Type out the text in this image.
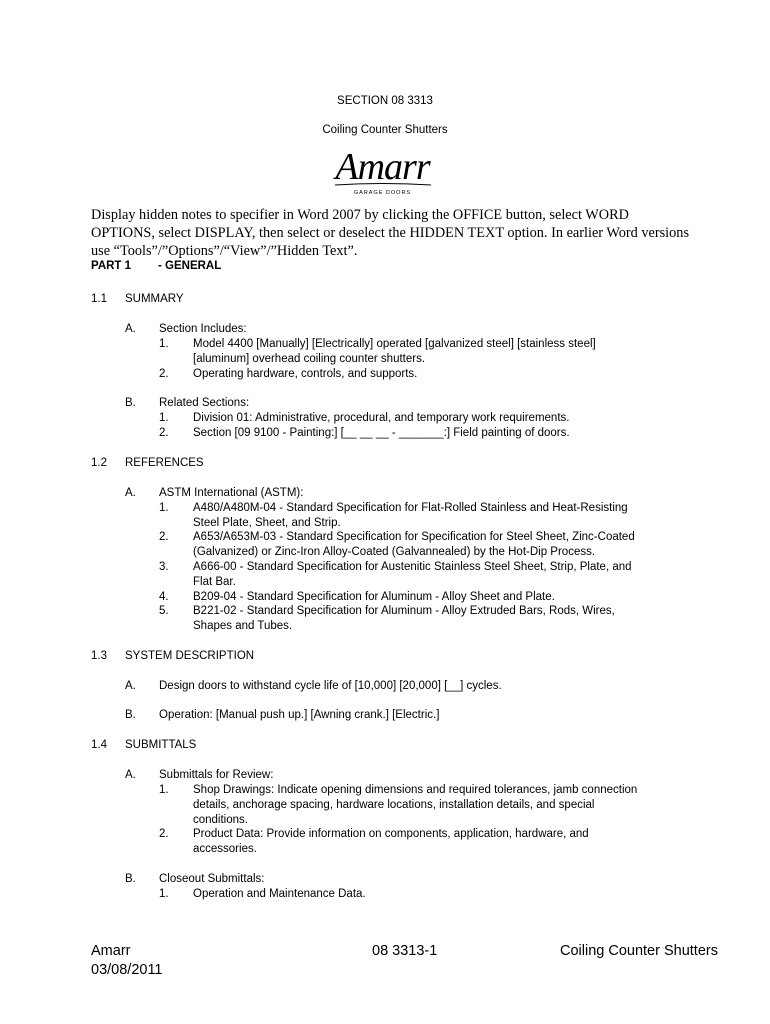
SECTION 08 3313
Coiling Counter Shutters
Amarr
GARAGE DOORS
Display hidden notes to specifier in Word 2007 by clicking the OFFICE button, select WORD OPTIONS, select DISPLAY, then select or deselect the HIDDEN TEXT option. In earlier Word versions use “Tools”/”Options”/“View”/”Hidden Text”.
PART 1 - GENERAL
1.1 SUMMARY
A. Section Includes:
1. Model 4400 [Manually] [Electrically] operated [galvanized steel] [stainless steel]
[aluminum] overhead coiling counter shutters.
2. Operating hardware, controls, and supports.
B. Related Sections:
1. Division 01: Administrative, procedural, and temporary work requirements.
2. Section [09 9100 - Painting:] [__ __ __ - _______:] Field painting of doors.
1.2 REFERENCES
A. ASTM International (ASTM):
1. A480/A480M-04 - Standard Specification for Flat-Rolled Stainless and Heat-Resisting
Steel Plate, Sheet, and Strip.
2. A653/A653M-03 - Standard Specification for Specification for Steel Sheet, Zinc-Coated
(Galvanized) or Zinc-Iron Alloy-Coated (Galvannealed) by the Hot-Dip Process.
3. A666-00 - Standard Specification for Austenitic Stainless Steel Sheet, Strip, Plate, and
Flat Bar.
4. B209-04 - Standard Specification for Aluminum - Alloy Sheet and Plate.
5. B221-02 - Standard Specification for Aluminum - Alloy Extruded Bars, Rods, Wires,
Shapes and Tubes.
1.3 SYSTEM DESCRIPTION
A. Design doors to withstand cycle life of [10,000] [20,000] [__] cycles.
B. Operation: [Manual push up.] [Awning crank.] [Electric.]
1.4 SUBMITTALS
A. Submittals for Review:
1. Shop Drawings: Indicate opening dimensions and required tolerances, jamb connection
details, anchorage spacing, hardware locations, installation details, and special
conditions.
2. Product Data: Provide information on components, application, hardware, and
accessories.
B. Closeout Submittals:
1. Operation and Maintenance Data.
Amarr
03/08/2011
08 3313-1	Coiling Counter Shutters
